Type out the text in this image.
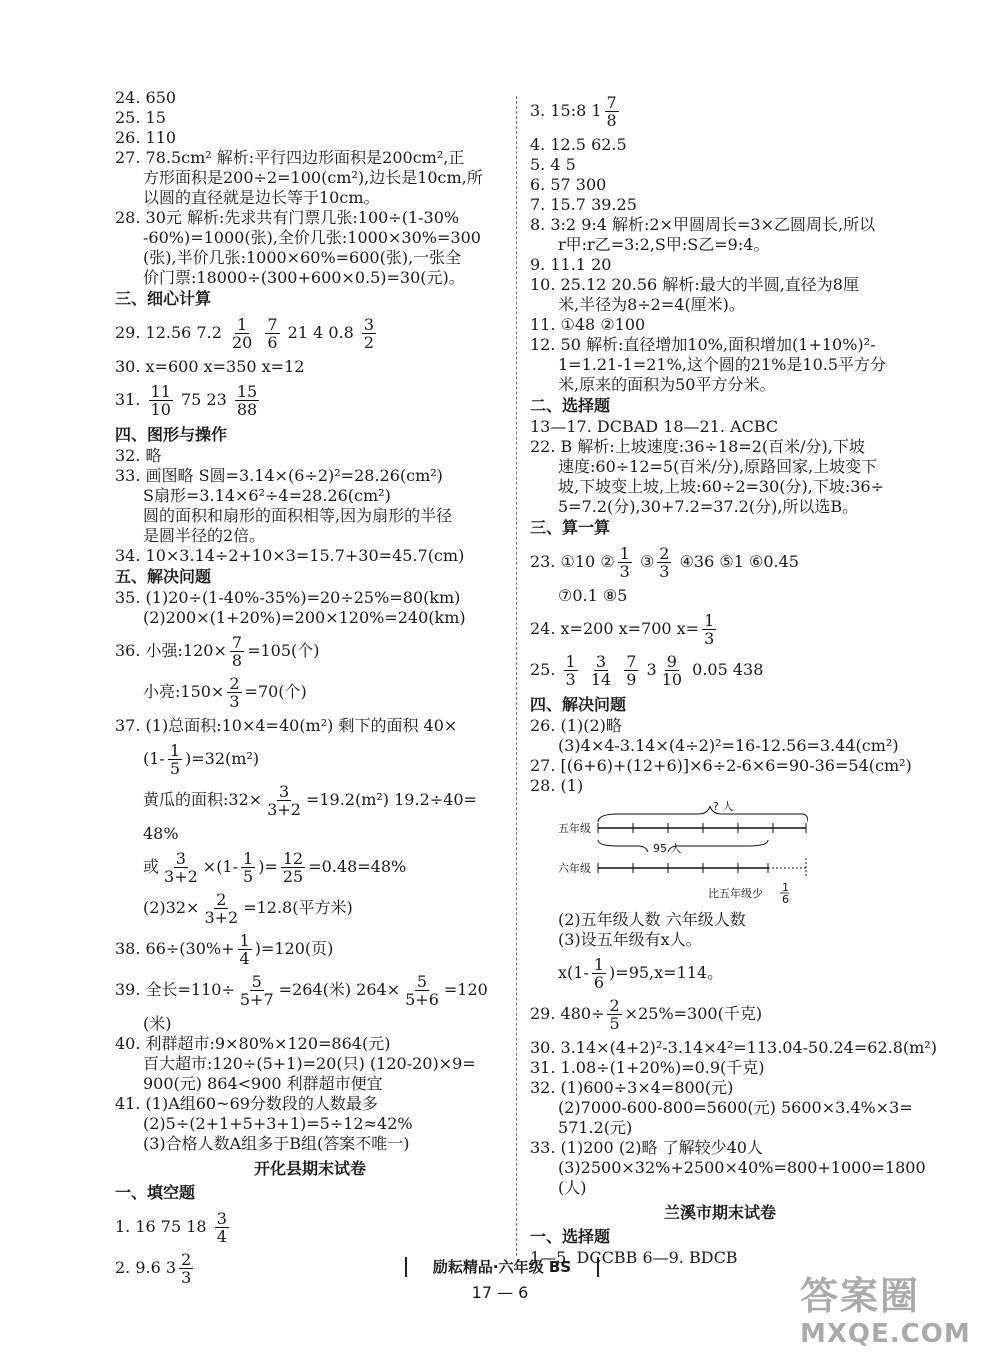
24. 650
25. 15
26. 110
27. 78.5cm² 解析:平行四边形面积是200cm²,正
方形面积是200÷2=100(cm²),边长是10cm,所
以圆的直径就是边长等于10cm。
28. 30元 解析:先求共有门票几张:100÷(1-30%
-60%)=1000(张),全价几张:1000×30%=300
(张),半价几张:1000×60%=600(张),一张全
价门票:18000÷(300+600×0.5)=30(元)。
三、细心计算
29. 12.56 $7.2 \frac{1}{20}$
$\frac{7}{6} 21$ 4 $0.8 \frac{3}{2}$
30. x=600 x=350 x=12
31. $\frac{11}{10} 75$ $23 \frac{15}{88}$
四、图形与操作
32. 略
33. 画图略 S圆=3.14×(6÷2)²=28.26(cm²)
S扇形=3.14×6²÷4=28.26(cm²)
圆的面积和扇形的面积相等,因为扇形的半径
是圆半径的2倍。
34. 10×3.14÷2+10×3=15.7+30=45.7(cm)
五、解决问题
35. (1)20÷(1-40%-35%)=20÷25%=80(km)
(2)200×(1+20%)=200×120%=240(km)
36. 小强:120× $\frac{7}{8} =105$(个)
小亮:150× $\frac{2}{3} =70$(个)
37. (1)总面积:10×4=40(m²) 剩下的面积 40×
$(1- \frac{1}{5} )=32(m^2)$
黄瓜的面积:32× $\frac{3}{3+2} =19.2(m^2)$ 19.2÷40=
48%
或 $\frac{3}{3+2} \times(1- \frac{1}{5}$ )= $\frac{12}{25} =0.48=48\%$
$(2)32\times \frac{2}{3+2} =12.8$(平方米)
38. $66\div(30\%+ \frac{1}{4} )=120$(页)
39. 全长$=110\div \frac{5}{5+7} =264$(米) $264\times \frac{5}{5+6} =120$
(米)
40. 利群超市:9×80%×120=864(元)
百大超市:120÷(5+1)=20(只) (120-20)×9=
900(元) 864<900 利群超市便宜
41. (1)A组60~69分数段的人数最多
(2)5÷(2+1+5+3+1)=5÷12≈42%
(3)合格人数A组多于B组(答案不唯一)
开化县期末试卷
一、填空题
1. 16 75 $18 \frac{3}{4}$
2. 9.6 $3 \frac{2}{3}$
3. 15:8 $1 \frac{7}{8}$
4. 12.5 62.5
5. 4 5
6. 57 300
7. 15.7 39.25
8. 3:2 9:4 解析:2×甲圆周长=3×乙圆周长,所以
r甲:r乙=3:2,S甲:S乙=9:4。
9. 11.1 20
10. 25.12 20.56 解析:最大的半圆,直径为8厘
米,半径为8÷2=4(厘米)。
11. ①48 ②100
12. 50 解析:直径增加10%,面积增加(1+10%)²-
1=1.21-1=21%,这个圆的21%是10.5平方分
米,原来的面积为50平方分米。
二、选择题
13—17. DCBAD 18—21. ACBC
22. B 解析:上坡速度:36÷18=2(百米/分),下坡
速度:60÷12=5(百米/分),原路回家,上坡变下
坡,下坡变上坡,上坡:60÷2=30(分),下坡:36÷
5=7.2(分),30+7.2=37.2(分),所以选B。
三、算一算
23. ①10 ② $\frac{1}{3}$ ③ $\frac{2}{3}$ ④36 ⑤1 ⑥0.45
⑦0.1 ⑧5
24. x=200 x=700 $x= \frac{1}{3}$
25. $\frac{1}{3}$
$\frac{3}{14}$
$\frac{7}{9} 3 \frac{9}{10} 0.05$ 438
四、解决问题
26. (1)(2)略
(3)4×4-3.14×(4÷2)²=16-12.56=3.44(cm²)
27. [(6+6)+(12+6)]×6÷2-6×6=90-36=54(cm²)
28. (1)
? 人
五年级
95 人
六年级
比五年级少 1
6
(2)五年级人数 六年级人数
(3)设五年级有x人。
$x(1- \frac{1}{6} )=95,x=114$。
29. $480\div \frac{2}{5} \times 25\%=300$(千克)
30. 3.14×(4+2)²-3.14×4²=113.04-50.24=62.8(m²)
31. 1.08÷(1+20%)=0.9(千克)
32. (1)600÷3×4=800(元)
(2)7000-600-800=5600(元) 5600×3.4%×3=
571.2(元)
33. (1)200 (2)略 了解较少40人
(3)2500×32%+2500×40%=800+1000=1800
(人)
兰溪市期末试卷
一、选择题
1—5. DCCBB 6—9. BDCB
励耘精品·六年级 BS
17 — 6	答案圈
MXQE.COM
